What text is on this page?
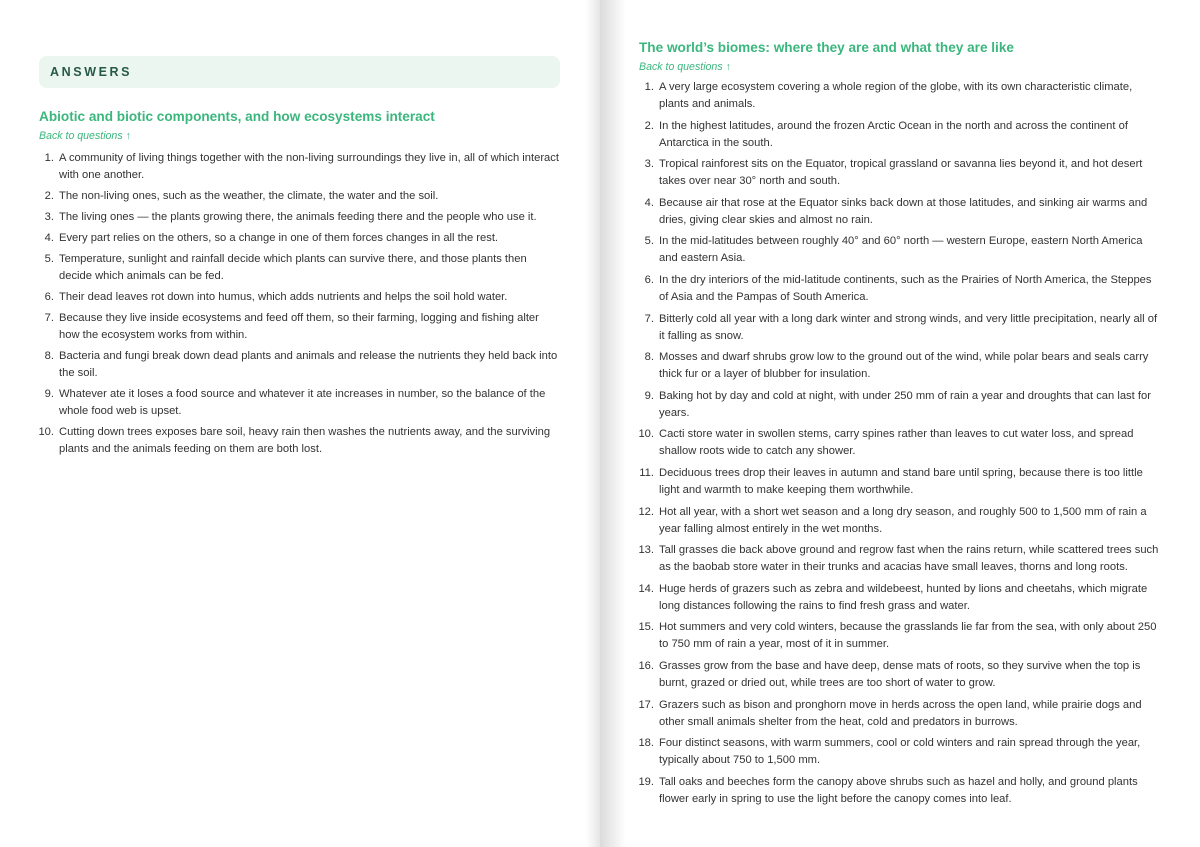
ANSWERS
Abiotic and biotic components, and how ecosystems interact
Back to questions ↑
1. A community of living things together with the non-living surroundings they live in, all of which interact with one another.
2. The non-living ones, such as the weather, the climate, the water and the soil.
3. The living ones — the plants growing there, the animals feeding there and the people who use it.
4. Every part relies on the others, so a change in one of them forces changes in all the rest.
5. Temperature, sunlight and rainfall decide which plants can survive there, and those plants then decide which animals can be fed.
6. Their dead leaves rot down into humus, which adds nutrients and helps the soil hold water.
7. Because they live inside ecosystems and feed off them, so their farming, logging and fishing alter how the ecosystem works from within.
8. Bacteria and fungi break down dead plants and animals and release the nutrients they held back into the soil.
9. Whatever ate it loses a food source and whatever it ate increases in number, so the balance of the whole food web is upset.
10. Cutting down trees exposes bare soil, heavy rain then washes the nutrients away, and the surviving plants and the animals feeding on them are both lost.
The world’s biomes: where they are and what they are like
Back to questions ↑
1. A very large ecosystem covering a whole region of the globe, with its own characteristic climate, plants and animals.
2. In the highest latitudes, around the frozen Arctic Ocean in the north and across the continent of Antarctica in the south.
3. Tropical rainforest sits on the Equator, tropical grassland or savanna lies beyond it, and hot desert takes over near 30° north and south.
4. Because air that rose at the Equator sinks back down at those latitudes, and sinking air warms and dries, giving clear skies and almost no rain.
5. In the mid-latitudes between roughly 40° and 60° north — western Europe, eastern North America and eastern Asia.
6. In the dry interiors of the mid-latitude continents, such as the Prairies of North America, the Steppes of Asia and the Pampas of South America.
7. Bitterly cold all year with a long dark winter and strong winds, and very little precipitation, nearly all of it falling as snow.
8. Mosses and dwarf shrubs grow low to the ground out of the wind, while polar bears and seals carry thick fur or a layer of blubber for insulation.
9. Baking hot by day and cold at night, with under 250 mm of rain a year and droughts that can last for years.
10. Cacti store water in swollen stems, carry spines rather than leaves to cut water loss, and spread shallow roots wide to catch any shower.
11. Deciduous trees drop their leaves in autumn and stand bare until spring, because there is too little light and warmth to make keeping them worthwhile.
12. Hot all year, with a short wet season and a long dry season, and roughly 500 to 1,500 mm of rain a year falling almost entirely in the wet months.
13. Tall grasses die back above ground and regrow fast when the rains return, while scattered trees such as the baobab store water in their trunks and acacias have small leaves, thorns and long roots.
14. Huge herds of grazers such as zebra and wildebeest, hunted by lions and cheetahs, which migrate long distances following the rains to find fresh grass and water.
15. Hot summers and very cold winters, because the grasslands lie far from the sea, with only about 250 to 750 mm of rain a year, most of it in summer.
16. Grasses grow from the base and have deep, dense mats of roots, so they survive when the top is burnt, grazed or dried out, while trees are too short of water to grow.
17. Grazers such as bison and pronghorn move in herds across the open land, while prairie dogs and other small animals shelter from the heat, cold and predators in burrows.
18. Four distinct seasons, with warm summers, cool or cold winters and rain spread through the year, typically about 750 to 1,500 mm.
19. Tall oaks and beeches form the canopy above shrubs such as hazel and holly, and ground plants flower early in spring to use the light before the canopy comes into leaf.
